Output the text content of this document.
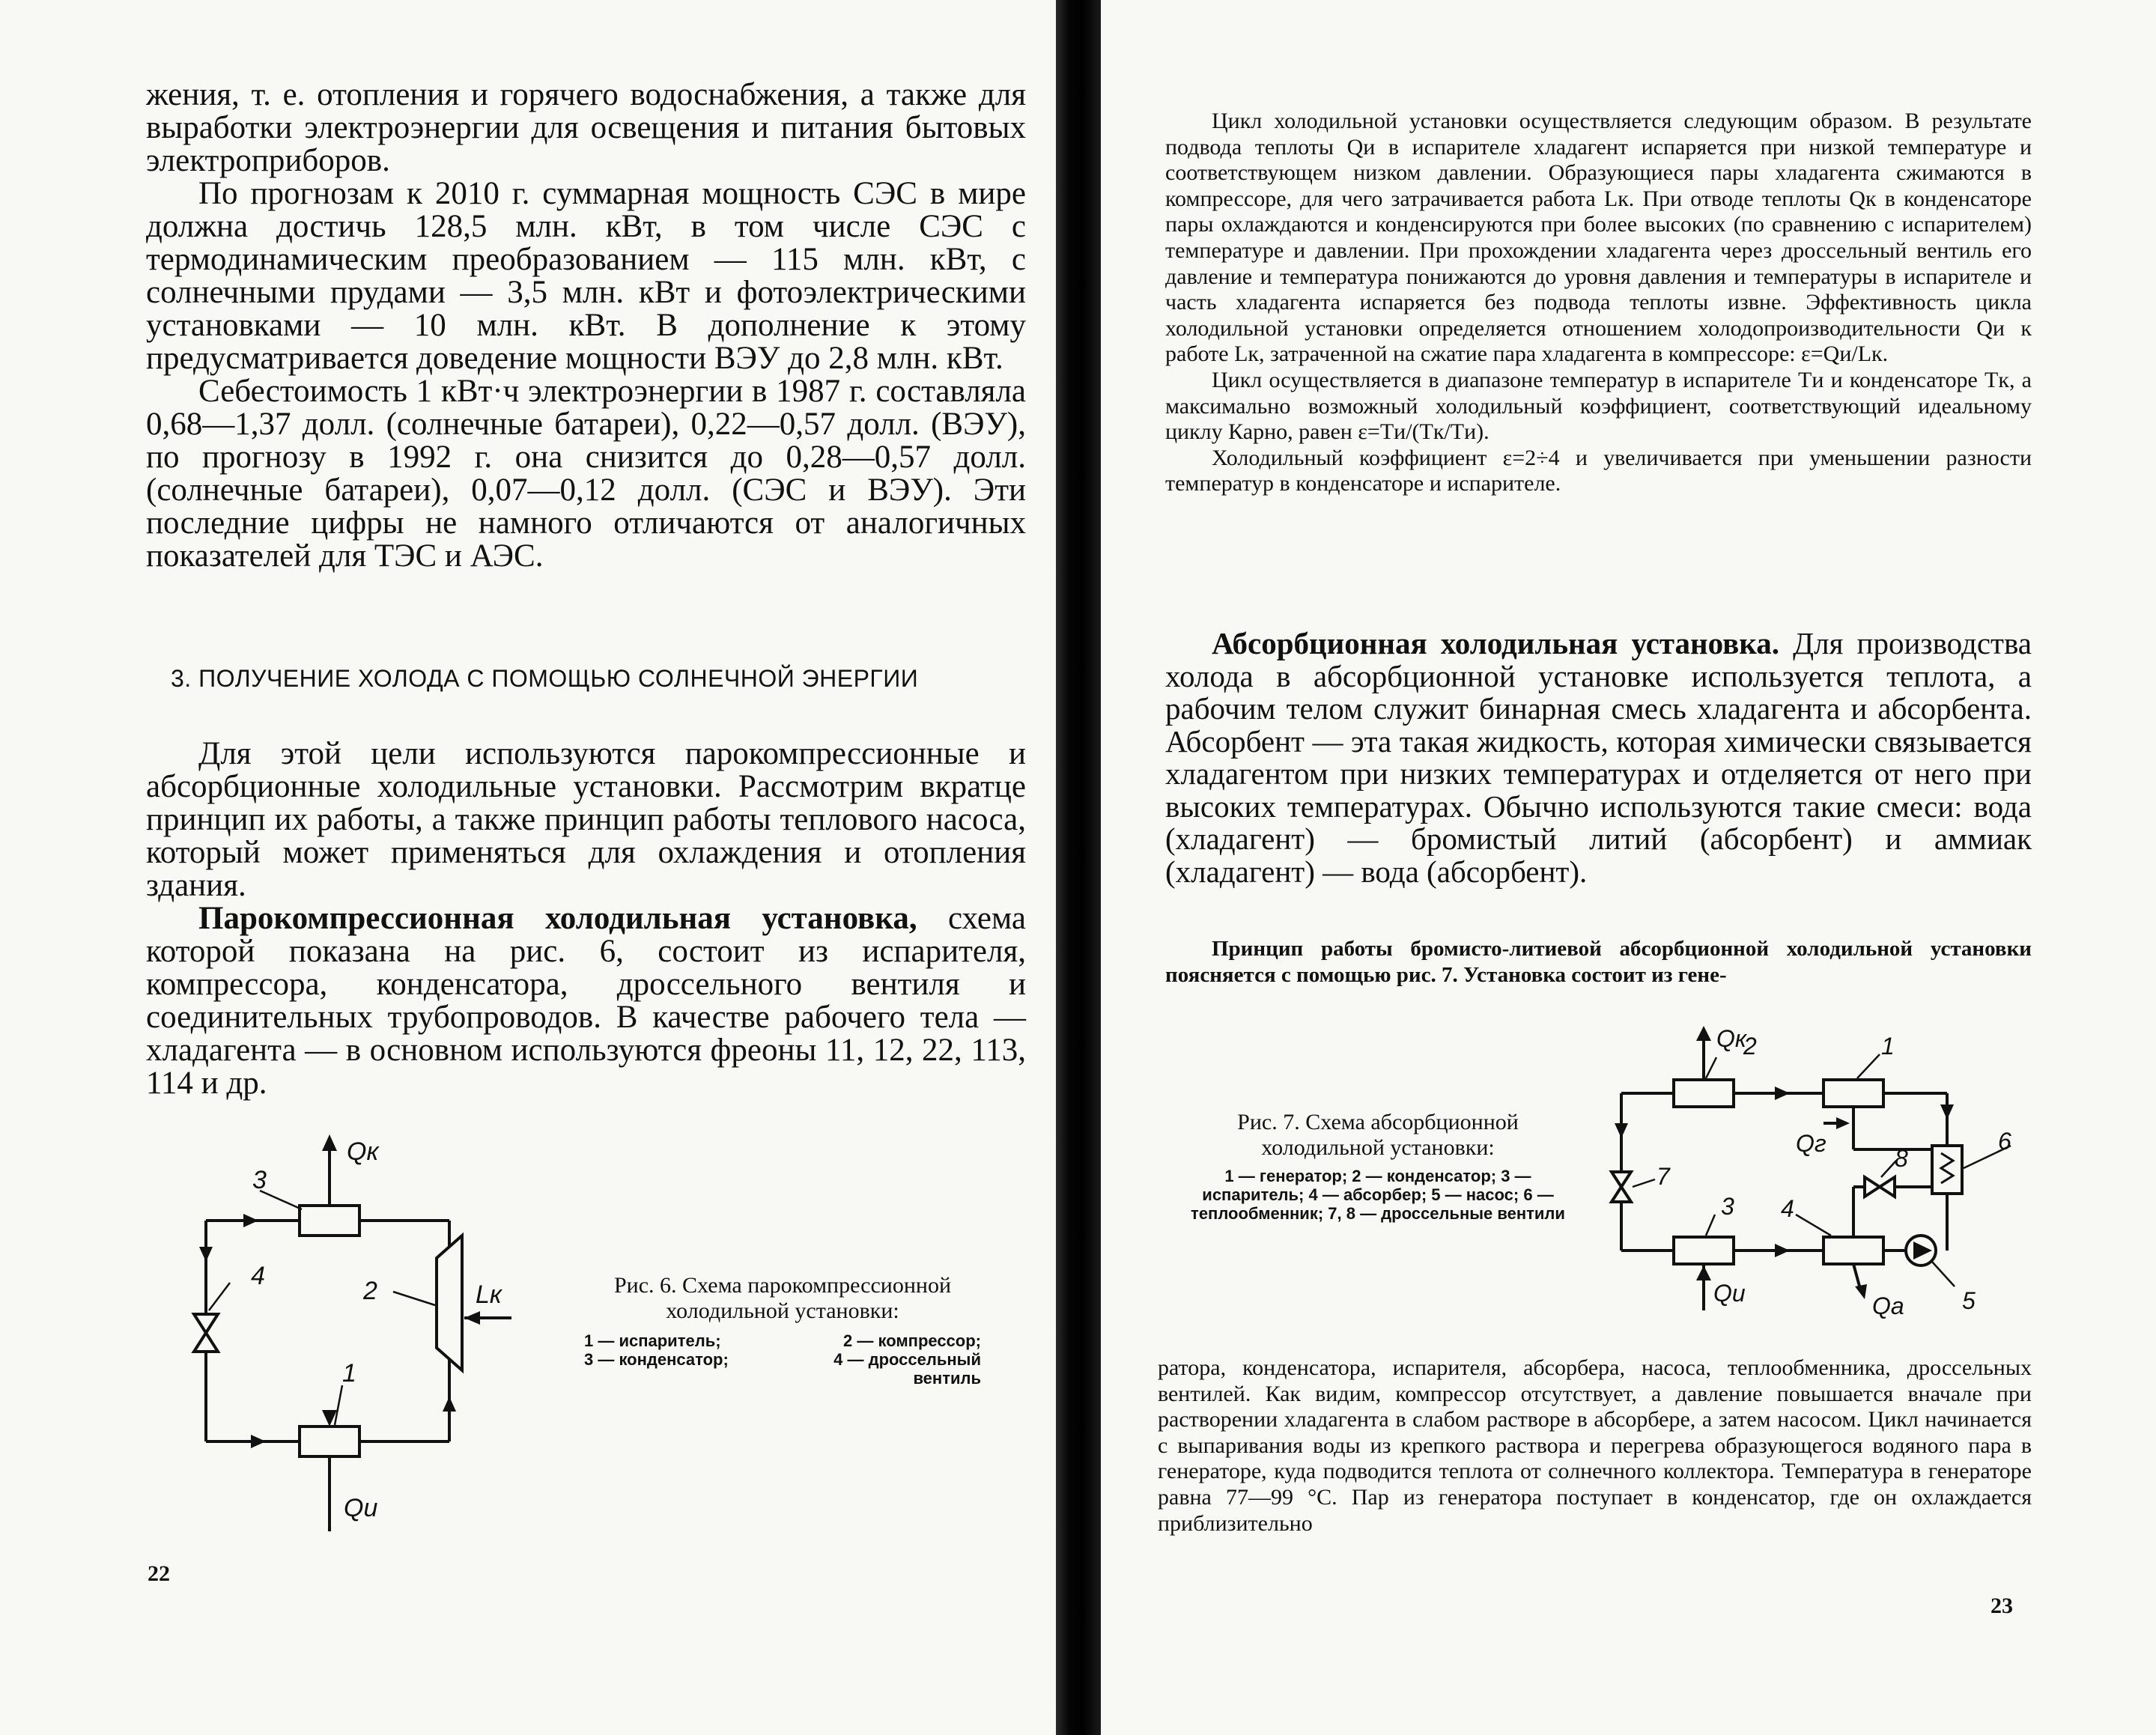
жения, т. е. отопления и горячего водоснабжения, а также для выработки электроэнергии для освещения и питания бытовых электроприборов.

По прогнозам к 2010 г. суммарная мощность СЭС в мире должна достичь 128,5 млн. кВт, в том числе СЭС с термодинамическим преобразованием — 115 млн. кВт, с солнечными прудами — 3,5 млн. кВт и фотоэлектрическими установками — 10 млн. кВт. В дополнение к этому предусматривается доведение мощности ВЭУ до 2,8 млн. кВт.

Себестоимость 1 кВт·ч электроэнергии в 1987 г. составляла 0,68—1,37 долл. (солнечные батареи), 0,22—0,57 долл. (ВЭУ), по прогнозу в 1992 г. она снизится до 0,28—0,57 долл. (солнечные батареи), 0,07—0,12 долл. (СЭС и ВЭУ). Эти последние цифры не намного отличаются от аналогичных показателей для ТЭС и АЭС.

3. ПОЛУЧЕНИЕ ХОЛОДА С ПОМОЩЬЮ СОЛНЕЧНОЙ ЭНЕРГИИ

Для этой цели используются парокомпрессионные и абсорбционные холодильные установки. Рассмотрим вкратце принцип их работы, а также принцип работы теплового насоса, который может применяться для охлаждения и отопления здания.

Парокомпрессионная холодильная установка, схема которой показана на рис. 6, состоит из испарителя, компрессора, конденсатора, дроссельного вентиля и соединительных трубопроводов. В качестве рабочего тела — хладагента — в основном используются фреоны 11, 12, 22, 113, 114 и др.

Qк
Qи
Lк
1
2
3
4	Рис. 6. Схема парокомпрессионной холодильной установки:
1 — испаритель;	2 — компрессор;
3 — конденсатор;	4 — дроссельный вентиль
22

Цикл холодильной установки осуществляется следующим образом. В результате подвода теплоты Qи в испарителе хладагент испаряется при низкой температуре и соответствующем низком давлении. Образующиеся пары хладагента сжимаются в компрессоре, для чего затрачивается работа Lк. При отводе теплоты Qк в конденсаторе пары охлаждаются и конденсируются при более высоких (по сравнению с испарителем) температуре и давлении. При прохождении хладагента через дроссельный вентиль его давление и температура понижаются до уровня давления и температуры в испарителе и часть хладагента испаряется без подвода теплоты извне. Эффективность цикла холодильной установки определяется отношением холодопроизводительности Qи к работе Lк, затраченной на сжатие пара хладагента в компрессоре: ε=Qи/Lк.

Цикл осуществляется в диапазоне температур в испарителе Tи и конденсаторе Tк, а максимально возможный холодильный коэффициент, соответствующий идеальному циклу Карно, равен ε=Tи/(Tк/Tи).

Холодильный коэффициент ε=2÷4 и увеличивается при уменьшении разности температур в конденсаторе и испарителе.

Абсорбционная холодильная установка. Для производства холода в абсорбционной установке используется теплота, а рабочим телом служит бинарная смесь хладагента и абсорбента. Абсорбент — эта такая жидкость, которая химически связывается хладагентом при низких температурах и отделяется от него при высоких температурах. Обычно используются такие смеси: вода (хладагент) — бромистый литий (абсорбент) и аммиак (хладагент) — вода (абсорбент).

Принцип работы бромисто-литиевой абсорбционной холодильной установки поясняется с помощью рис. 7. Установка состоит из гене-

Рис. 7. Схема абсорбционной холодильной установки:
1 — генератор; 2 — конденсатор; 3 — испаритель; 4 — абсорбер; 5 — насос; 6 — теплообменник; 7, 8 — дроссельные вентили
Qк
Qг
Qи	Qа
1
2
3 4
5
6
7
8

ратора, конденсатора, испарителя, абсорбера, насоса, теплообменника, дроссельных вентилей. Как видим, компрессор отсутствует, а давление повышается вначале при растворении хладагента в слабом растворе в абсорбере, а затем насосом. Цикл начинается с выпаривания воды из крепкого раствора и перегрева образующегося водяного пара в генераторе, куда подводится теплота от солнечного коллектора. Температура в генераторе равна 77—99 °С. Пар из генератора поступает в конденсатор, где он охлаждается приблизительно

23
